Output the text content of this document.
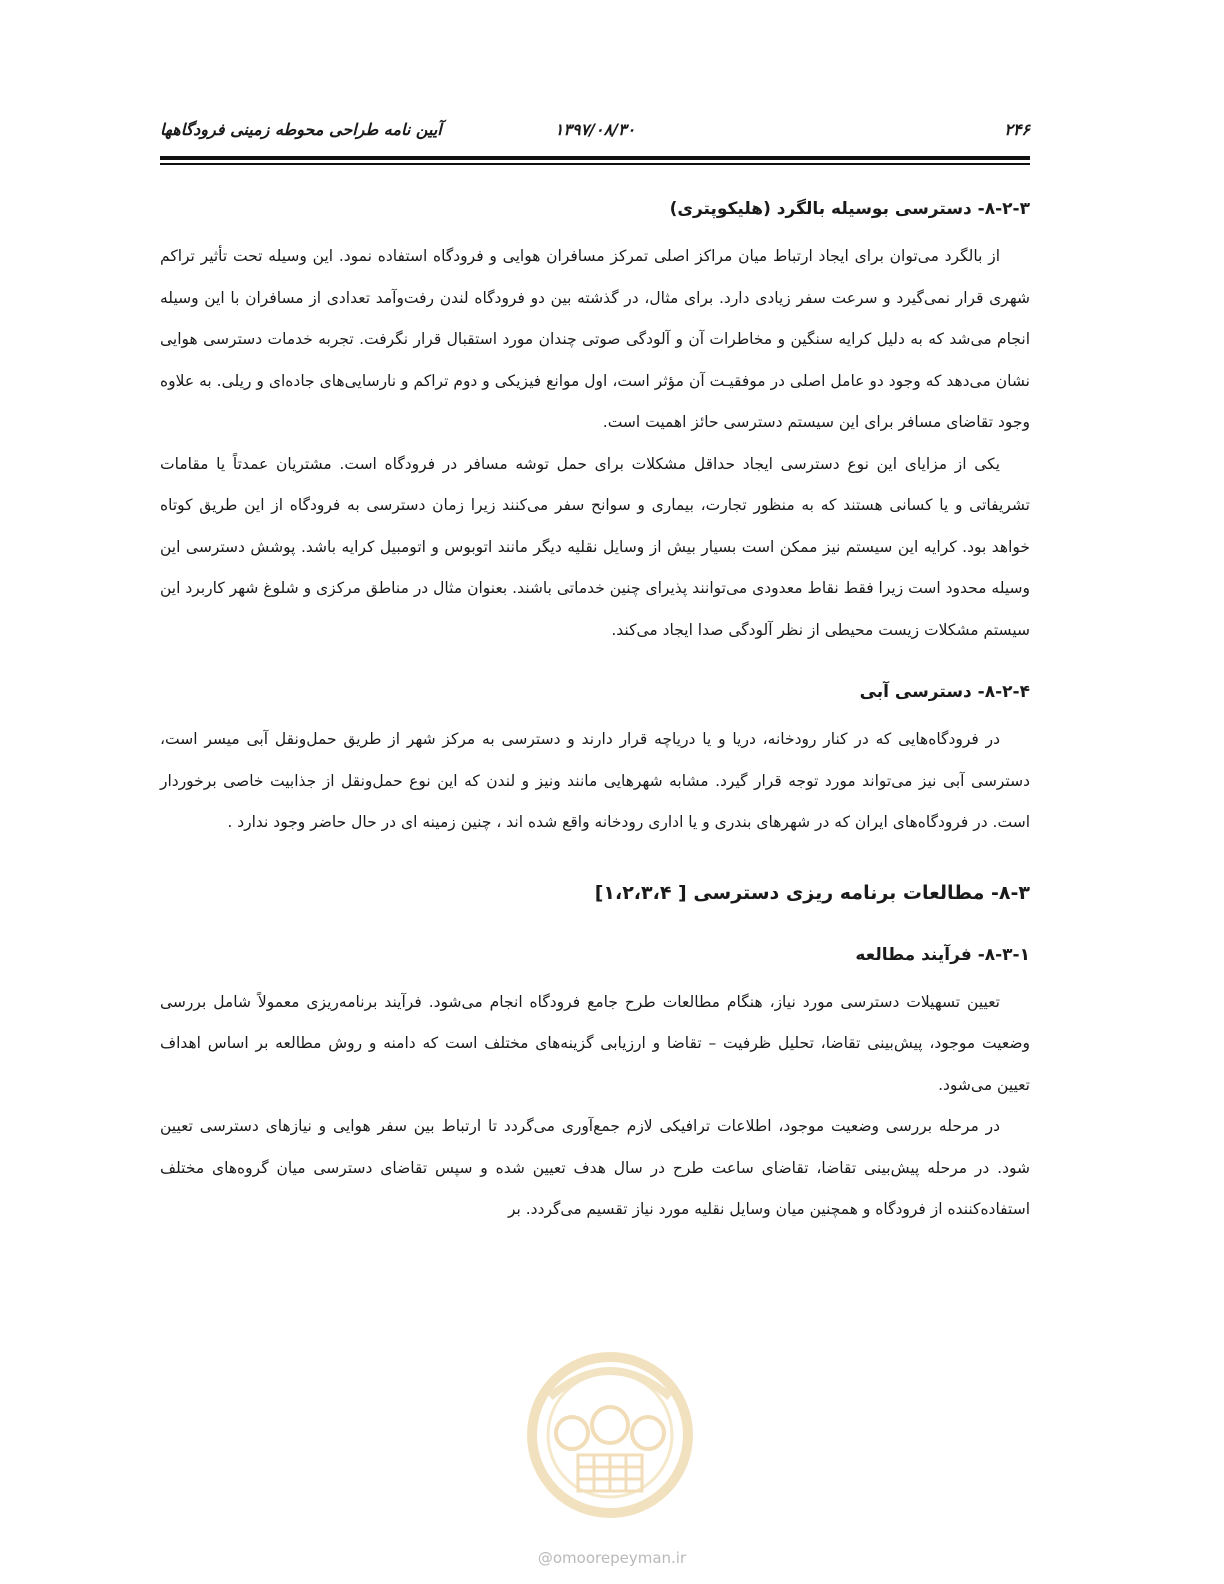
۲۴۶
۱۳۹۷/۰۸/۳۰
آیین نامه طراحی محوطه زمینی فرودگاهها
۸-۲-۳- دسترسی بوسیله بالگرد (هلیکوپتری)

از بالگرد می‌توان برای ایجاد ارتباط میان مراکز اصلی تمرکز مسافران هوایی و فرودگاه استفاده نمود. این وسیله تحت تأثیر تراکم شهری قرار نمی‌گیرد و سرعت سفر زیادی دارد. برای مثال، در گذشته بین دو فرودگاه لندن رفت‌وآمد تعدادی از مسافران با این وسیله انجام می‌شد که به دلیل کرایه سنگین و مخاطرات آن و آلودگی صوتی چندان مورد استقبال قرار نگرفت. تجربه خدمات دسترسی هوایی نشان می‌دهد که وجود دو عامل اصلی در موفقیـت آن مؤثر است، اول موانع فیزیکی و دوم تراکم و نارسایی‌های جاده‌ای و ریلی. به علاوه وجود تقاضای مسافر برای این سیستم دسترسی حائز اهمیت است.

یکی از مزایای این نوع دسترسی ایجاد حداقل مشکلات برای حمل توشه مسافر در فرودگاه است. مشتریان عمدتاً یا مقامات تشریفاتی و یا کسانی هستند که به منظور تجارت، بیماری و سوانح سفر می‌کنند زیرا زمان دسترسی به فرودگاه از این طریق کوتاه خواهد بود. کرایه این سیستم نیز ممکن است بسیار بیش از وسایل نقلیه دیگر مانند اتوبوس و اتومبیل کرایه باشد. پوشش دسترسی این وسیله محدود است زیرا فقط نقاط معدودی می‌توانند پذیرای چنین خدماتی باشند. بعنوان مثال در مناطق مرکزی و شلوغ شهر کاربرد این سیستم مشکلات زیست محیطی از نظر آلودگی صدا ایجاد می‌کند.

۸-۲-۴- دسترسی آبی

در فرودگاه‌هایی که در کنار رودخانه، دریا و یا دریاچه قرار دارند و دسترسی به مرکز شهر از طریق حمل‌ونقل آبی میسر است، دسترسی آبی نیز می‌تواند مورد توجه قرار گیرد. مشابه شهرهایی مانند ونیز و لندن که این نوع حمل‌ونقل از جذابیت خاصی برخوردار است. در فرودگاه‌های ایران که در شهرهای بندری و یا اداری رودخانه واقع شده اند ، چنین زمینه ای در حال حاضر وجود ندارد .

۸-۳- مطالعات برنامه ریزی دسترسی [ ۱،۲،۳،۴]
۸-۳-۱- فرآیند مطالعه

تعیین تسهیلات دسترسی مورد نیاز، هنگام مطالعات طرح جامع فرودگاه انجام می‌شود. فرآیند برنامه‌ریزی معمولاً شامل بررسی وضعیت موجود، پیش‌بینی تقاضا، تحلیل ظرفیت – تقاضا و ارزیابی گزینه‌های مختلف است که دامنه و روش مطالعه بر اساس اهداف تعیین می‌شود.

در مرحله بررسی وضعیت موجود، اطلاعات ترافیکی لازم جمع‌آوری می‌گردد تا ارتباط بین سفر هوایی و نیازهای دسترسی تعیین شود. در مرحله پیش‌بینی تقاضا، تقاضای ساعت طرح در سال هدف تعیین شده و سپس تقاضای دسترسی میان گروه‌های مختلف استفاده‌کننده از فرودگاه و همچنین میان وسایل نقلیه مورد نیاز تقسیم می‌گردد. بر

@omoorepeyman.ir
